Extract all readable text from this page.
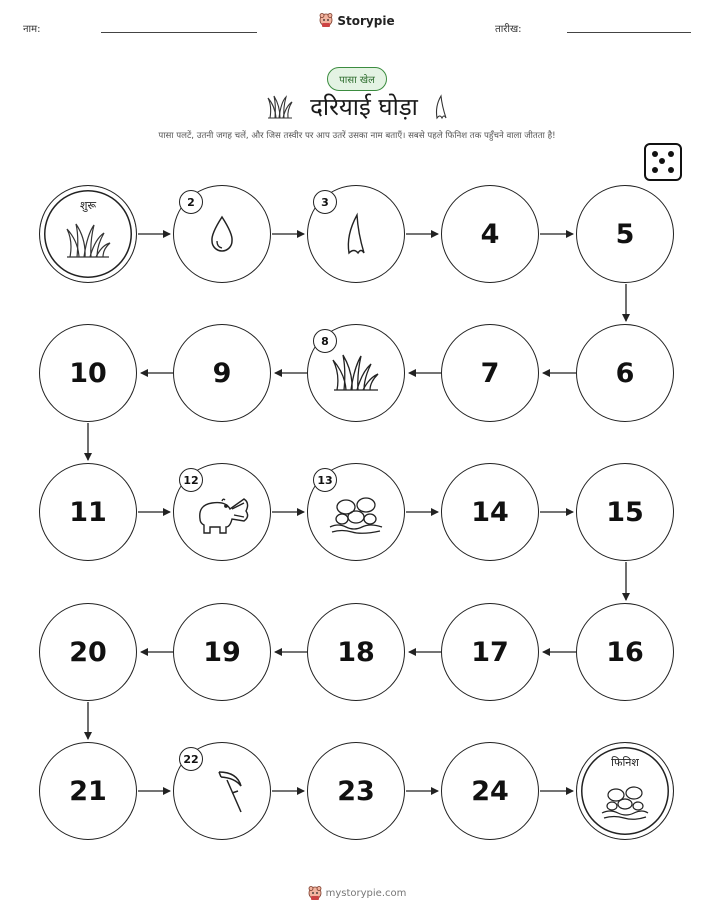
नाम:
Storypie
तारीख:
पासा खेल
दरियाई घोड़ा
पासा पलटें, उतनी जगह चलें, और जिस तस्वीर पर आप उतरें उसका नाम बताएँ। सबसे पहले फिनिश तक पहुँचने वाला जीतता है!
शुरू	2	3
4	5
6
7
8
9
10
11
12	13
14	15
16
17
18
19
20
21
22
23	24
फिनिश
mystorypie.com
